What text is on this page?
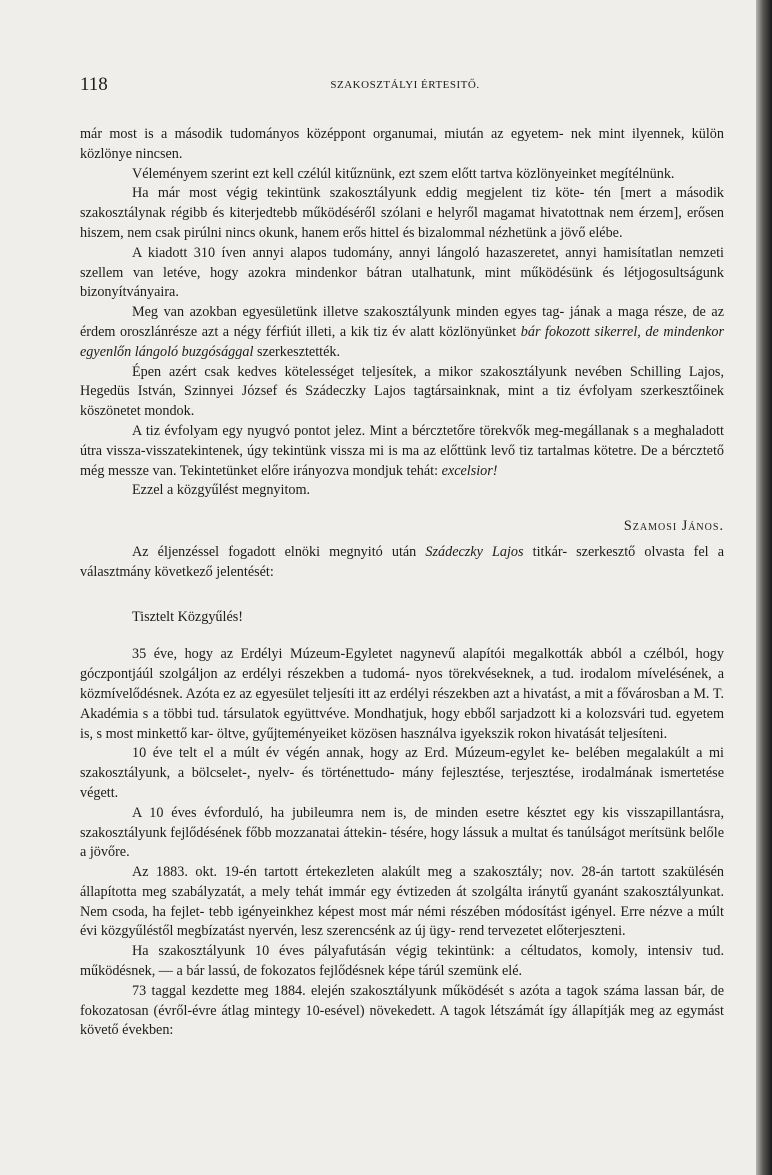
118	SZAKOSZTÁLYI ÉRTESITŐ.

már most is a második tudományos középpont organumai, miután az egyetem- nek mint ilyennek, külön közlönye nincsen.

Véleményem szerint ezt kell czélúl kitűznünk, ezt szem előtt tartva közlönyeinket megítélnünk.

Ha már most végig tekintünk szakosztályunk eddig megjelent tiz köte- tén [mert a második szakosztálynak régibb és kiterjedtebb működéséről szólani e helyről magamat hivatottnak nem érzem], erősen hiszem, nem csak pirúlni nincs okunk, hanem erős hittel és bizalommal nézhetünk a jövő elébe.

A kiadott 310 íven annyi alapos tudomány, annyi lángoló hazaszeretet, annyi hamisítatlan nemzeti szellem van letéve, hogy azokra mindenkor bátran utalhatunk, mint működésünk és létjogosultságunk bizonyítványaira.

Meg van azokban egyesületünk illetve szakosztályunk minden egyes tag- jának a maga része, de az érdem oroszlánrésze azt a négy férfiút illeti, a kik tiz év alatt közlönyünket bár fokozott sikerrel, de mindenkor egyenlőn lángoló buzgósággal szerkesztették.

Épen azért csak kedves kötelességet teljesítek, a mikor szakosztályunk nevében Schilling Lajos, Hegedüs István, Szinnyei József és Szádeczky Lajos tagtársainknak, mint a tiz évfolyam szerkesztőinek köszönetet mondok.

A tiz évfolyam egy nyugvó pontot jelez. Mint a bércztetőre törekvők meg-megállanak s a meghaladott útra vissza-visszatekintenek, úgy tekintünk vissza mi is ma az előttünk levő tiz tartalmas kötetre. De a bércztető még messze van. Tekintetünket előre irányozva mondjuk tehát: excelsior!

Ezzel a közgyűlést megnyitom.

Szamosi János.

Az éljenzéssel fogadott elnöki megnyitó után Szádeczky Lajos titkár- szerkesztő olvasta fel a választmány következő jelentését:

Tisztelt Közgyűlés!

35 éve, hogy az Erdélyi Múzeum-Egyletet nagynevű alapítói megalkották abból a czélból, hogy góczpontjáúl szolgáljon az erdélyi részekben a tudomá- nyos törekvéseknek, a tud. irodalom mívelésének, a közmívelődésnek. Azóta ez az egyesület teljesíti itt az erdélyi részekben azt a hivatást, a mit a fővárosban a M. T. Akadémia s a többi tud. társulatok együttvéve. Mondhatjuk, hogy ebből sarjadzott ki a kolozsvári tud. egyetem is, s most minkettő kar- öltve, gyűjteményeiket közösen használva igyekszik rokon hivatását teljesíteni.

10 éve telt el a múlt év végén annak, hogy az Erd. Múzeum-egylet ke- belében megalakúlt a mi szakosztályunk, a bölcselet-, nyelv- és történettudo- mány fejlesztése, terjesztése, irodalmának ismertetése végett.

A 10 éves évforduló, ha jubileumra nem is, de minden esetre késztet egy kis visszapillantásra, szakosztályunk fejlődésének főbb mozzanatai áttekin- tésére, hogy lássuk a multat és tanúlságot merítsünk belőle a jövőre.

Az 1883. okt. 19-én tartott értekezleten alakúlt meg a szakosztály; nov. 28-án tartott szakülésén állapította meg szabályzatát, a mely tehát immár egy évtizeden át szolgálta iránytű gyanánt szakosztályunkat. Nem csoda, ha fejlet- tebb igényeinkhez képest most már némi részében módosítást igényel. Erre nézve a múlt évi közgyűléstől megbízatást nyervén, lesz szerencsénk az új ügy- rend tervezetet előterjeszteni.

Ha szakosztályunk 10 éves pályafutásán végig tekintünk: a céltudatos, komoly, intensiv tud. működésnek, — a bár lassú, de fokozatos fejlődésnek képe tárúl szemünk elé.

73 taggal kezdette meg 1884. elején szakosztályunk működését s azóta a tagok száma lassan bár, de fokozatosan (évről-évre átlag mintegy 10-esével) növekedett. A tagok létszámát így állapítják meg az egymást követő években:
